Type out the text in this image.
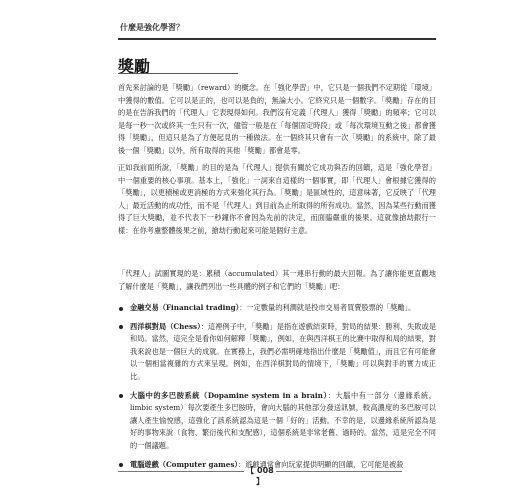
什麼是強化學習？
獎勵

首先來討論的是「獎勵」（reward）的概念。在「強化學習」中，它只是一個我們不定期從「環境」中獲得的數值。它可以是正的，也可以是負的，無論大小。它終究只是一個數字。「獎勵」存在的目的是在告訴我們的「代理人」它表現得如何。我們沒有定義「代理人」獲得「獎勵」的頻率；它可以是每一秒一次或終其一生只有一次，儘管一般是在「每個固定時段」或「每次環境互動之後」都會獲得「獎勵」，但這只是為了方便起見的一種做法。在一個終其只會有一次「獎勵」的系統中，除了最後一個「獎勵」以外，所有取得的其他「獎勵」都會是零。

正如我前面所說，「獎勵」的目的是為「代理人」提供有關於它成功與否的回饋，這是「強化學習」中一個重要的核心事項。基本上，「強化」一詞來自這樣的一個事實，即「代理人」會根據它獲得的「獎勵」，以更積極或更消極的方式來強化其行為。「獎勵」是區域性的，這意味著，它反映了「代理人」最近活動的成功性，而不是「代理人」到目前為止所取得的所有成功。當然，因為某些行動而獲得了巨大獎勵，並不代表下一秒鐘你不會因為先前的決定，而面臨嚴重的後果。這就像搶劫銀行一樣：在你考慮整體後果之前，搶劫行動起來可能是個好主意。

「代理人」試圖實現的是：累積（accumulated）其一連串行動的最大回報。為了讓你能更直觀地了解什麼是「獎勵」，讓我們列出一些具體的例子和它們的「獎勵」吧：

金融交易（Financial trading）：一定數量的利潤就是投市交易者買賣股票的「獎勵」。
西洋棋對局（Chess）：這裡例子中，「獎勵」是指在遊戲結束時，對局的結果：勝利、失敗或是和局。當然，這完全是看你如何解釋「獎勵」，例如，在與西洋棋王的比賽中取得和局的結果，對我來說也是一個巨大的成就。在實務上，我們必需明確地指出什麼是「獎勵值」，而且它有可能會以一個相當複雜的方式來呈現。例如，在西洋棋對局的情境下，「獎勵」可以與對手的實力成正比。
大腦中的多巴胺系統（Dopamine system in a brain）：大腦中有一部分（邊緣系統，limbic system）每次要產生多巴胺時，會向大腦的其他部分發送訊號，較高濃度的多巴胺可以讓人產生愉悅感，這強化了該系統認為這是一個「好的」活動。不幸的是，以邊緣系統所認為是好的事物來說（食物、繁衍後代和支配感），這個系統是非常老舊、過時的。當然，這是完全不同的一個議題。
電腦遊戲（Computer games）：遊戲通常會向玩家提供明顯的回饋，它可能是被殺
【 008 】
